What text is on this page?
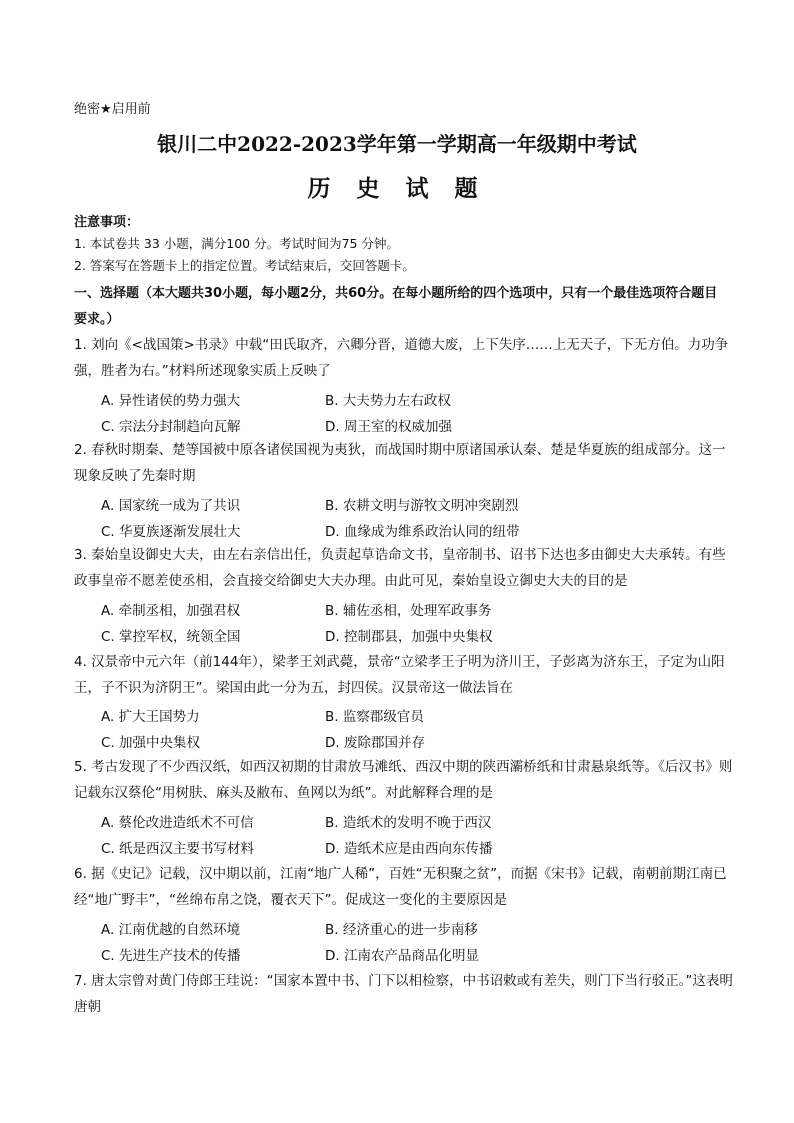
绝密★启用前
银川二中2022-2023学年第一学期高一年级期中考试
历 史 试 题
注意事项：
1. 本试卷共 33 小题，满分100 分。考试时间为75 分钟。
2. 答案写在答题卡上的指定位置。考试结束后，交回答题卡。
一、选择题（本大题共30小题，每小题2分，共60分。在每小题所给的四个选项中，只有一个最佳选项符合题目要求。）
1. 刘向《<战国策>书录》中载“田氏取齐，六卿分晋，道德大废，上下失序……上无天子，下无方伯。力功争强，胜者为右。”材料所述现象实质上反映了
A. 异性诸侯的势力强大	B. 大夫势力左右政权
C. 宗法分封制趋向瓦解	D. 周王室的权威加强
2. 春秋时期秦、楚等国被中原各诸侯国视为夷狄，而战国时期中原诸国承认秦、楚是华夏族的组成部分。这一现象反映了先秦时期
A. 国家统一成为了共识	B. 农耕文明与游牧文明冲突剧烈
C. 华夏族逐渐发展壮大	D. 血缘成为维系政治认同的纽带
3. 秦始皇设御史大夫，由左右亲信出任，负责起草诰命文书，皇帝制书、诏书下达也多由御史大夫承转。有些政事皇帝不愿差使丞相，会直接交给御史大夫办理。由此可见，秦始皇设立御史大夫的目的是
A. 牵制丞相，加强君权	B. 辅佐丞相，处理军政事务
C. 掌控军权，统领全国	D. 控制郡县，加强中央集权
4. 汉景帝中元六年（前144年），梁孝王刘武薨，景帝“立梁孝王子明为济川王，子彭离为济东王，子定为山阳王，子不识为济阴王”。梁国由此一分为五，封四侯。汉景帝这一做法旨在
A. 扩大王国势力	B. 监察郡级官员
C. 加强中央集权	D. 废除郡国并存
5. 考古发现了不少西汉纸，如西汉初期的甘肃放马滩纸、西汉中期的陕西灞桥纸和甘肃悬泉纸等。《后汉书》则记载东汉蔡伦“用树肤、麻头及敝布、鱼网以为纸”。对此解释合理的是
A. 蔡伦改进造纸术不可信	B. 造纸术的发明不晚于西汉
C. 纸是西汉主要书写材料	D. 造纸术应是由西向东传播
6. 据《史记》记载，汉中期以前，江南“地广人稀”，百姓“无积聚之贫”，而据《宋书》记载，南朝前期江南已经“地广野丰”，“丝绵布帛之饶，覆衣天下”。促成这一变化的主要原因是
A. 江南优越的自然环境	B. 经济重心的进一步南移
C. 先进生产技术的传播	D. 江南农产品商品化明显
7. 唐太宗曾对黄门侍郎王珪说：“国家本置中书、门下以相检察，中书诏敕或有差失，则门下当行驳正。”这表明唐朝
